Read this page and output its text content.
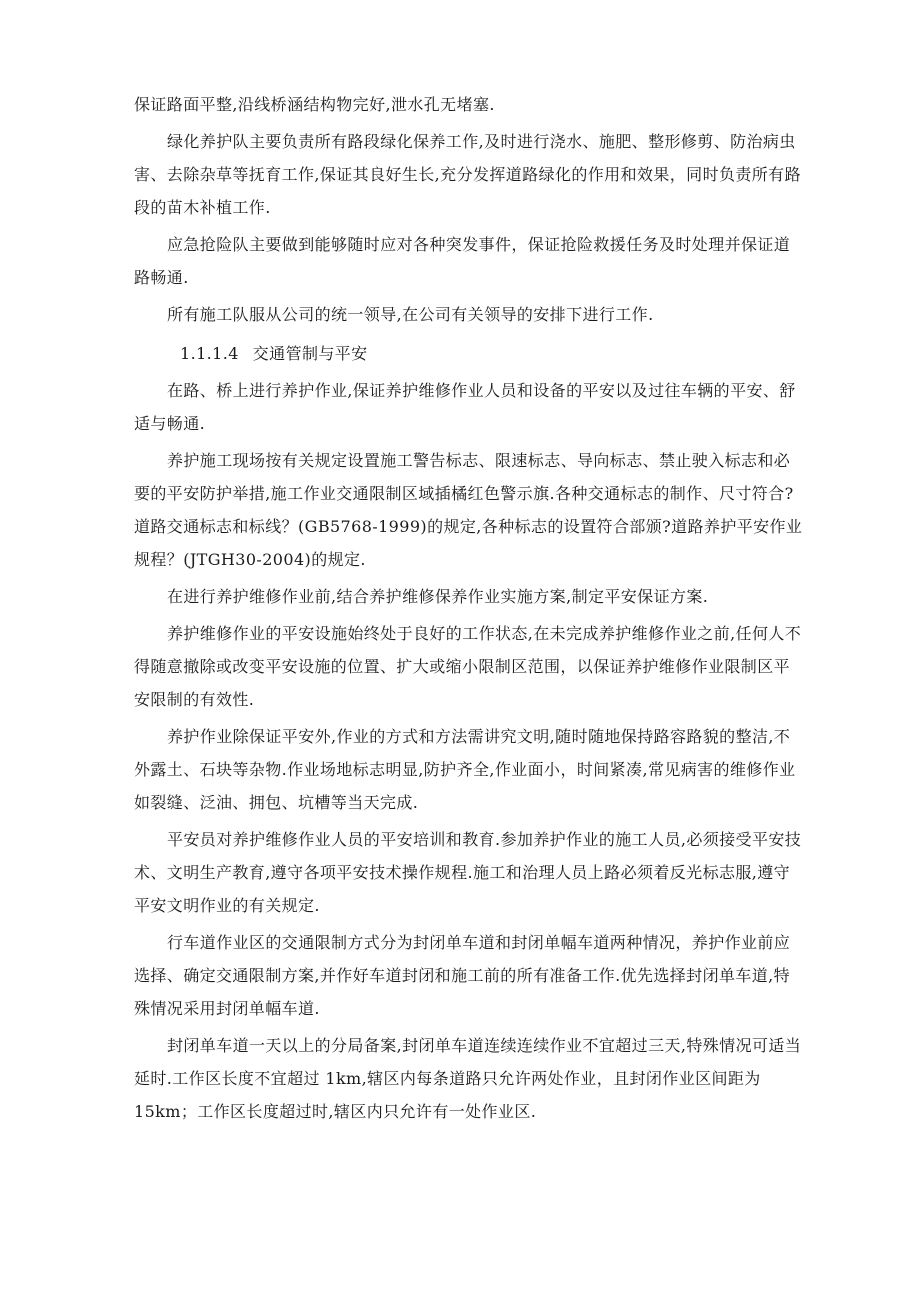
保证路面平整,沿线桥涵结构物完好,泄水孔无堵塞.

绿化养护队主要负责所有路段绿化保养工作,及时进行浇水、施肥、整形修剪、防治病虫害、去除杂草等抚育工作,保证其良好生长,充分发挥道路绿化的作用和效果，同时负责所有路段的苗木补植工作.

应急抢险队主要做到能够随时应对各种突发事件，保证抢险救援任务及时处理并保证道路畅通.

所有施工队服从公司的统一领导,在公司有关领导的安排下进行工作.

1.1.1.4 交通管制与平安

在路、桥上进行养护作业,保证养护维修作业人员和设备的平安以及过往车辆的平安、舒适与畅通.

养护施工现场按有关规定设置施工警告标志、限速标志、导向标志、禁止驶入标志和必要的平安防护举措,施工作业交通限制区域插橘红色警示旗.各种交通标志的制作、尺寸符合?道路交通标志和标线？(GB5768-1999)的规定,各种标志的设置符合部颁?道路养护平安作业规程？(JTGH30-2004)的规定.

在进行养护维修作业前,结合养护维修保养作业实施方案,制定平安保证方案.

养护维修作业的平安设施始终处于良好的工作状态,在未完成养护维修作业之前,任何人不得随意撤除或改变平安设施的位置、扩大或缩小限制区范围，以保证养护维修作业限制区平安限制的有效性.

养护作业除保证平安外,作业的方式和方法需讲究文明,随时随地保持路容路貌的整洁,不外露土、石块等杂物.作业场地标志明显,防护齐全,作业面小，时间紧凑,常见病害的维修作业如裂缝、泛油、拥包、坑槽等当天完成.

平安员对养护维修作业人员的平安培训和教育.参加养护作业的施工人员,必须接受平安技术、文明生产教育,遵守各项平安技术操作规程.施工和治理人员上路必须着反光标志服,遵守平安文明作业的有关规定.

行车道作业区的交通限制方式分为封闭单车道和封闭单幅车道两种情况，养护作业前应选择、确定交通限制方案,并作好车道封闭和施工前的所有准备工作.优先选择封闭单车道,特殊情况采用封闭单幅车道.

封闭单车道一天以上的分局备案,封闭单车道连续连续作业不宜超过三天,特殊情况可适当延时.工作区长度不宜超过 1km,辖区内每条道路只允许两处作业，且封闭作业区间距为 15km；工作区长度超过时,辖区内只允许有一处作业区.
